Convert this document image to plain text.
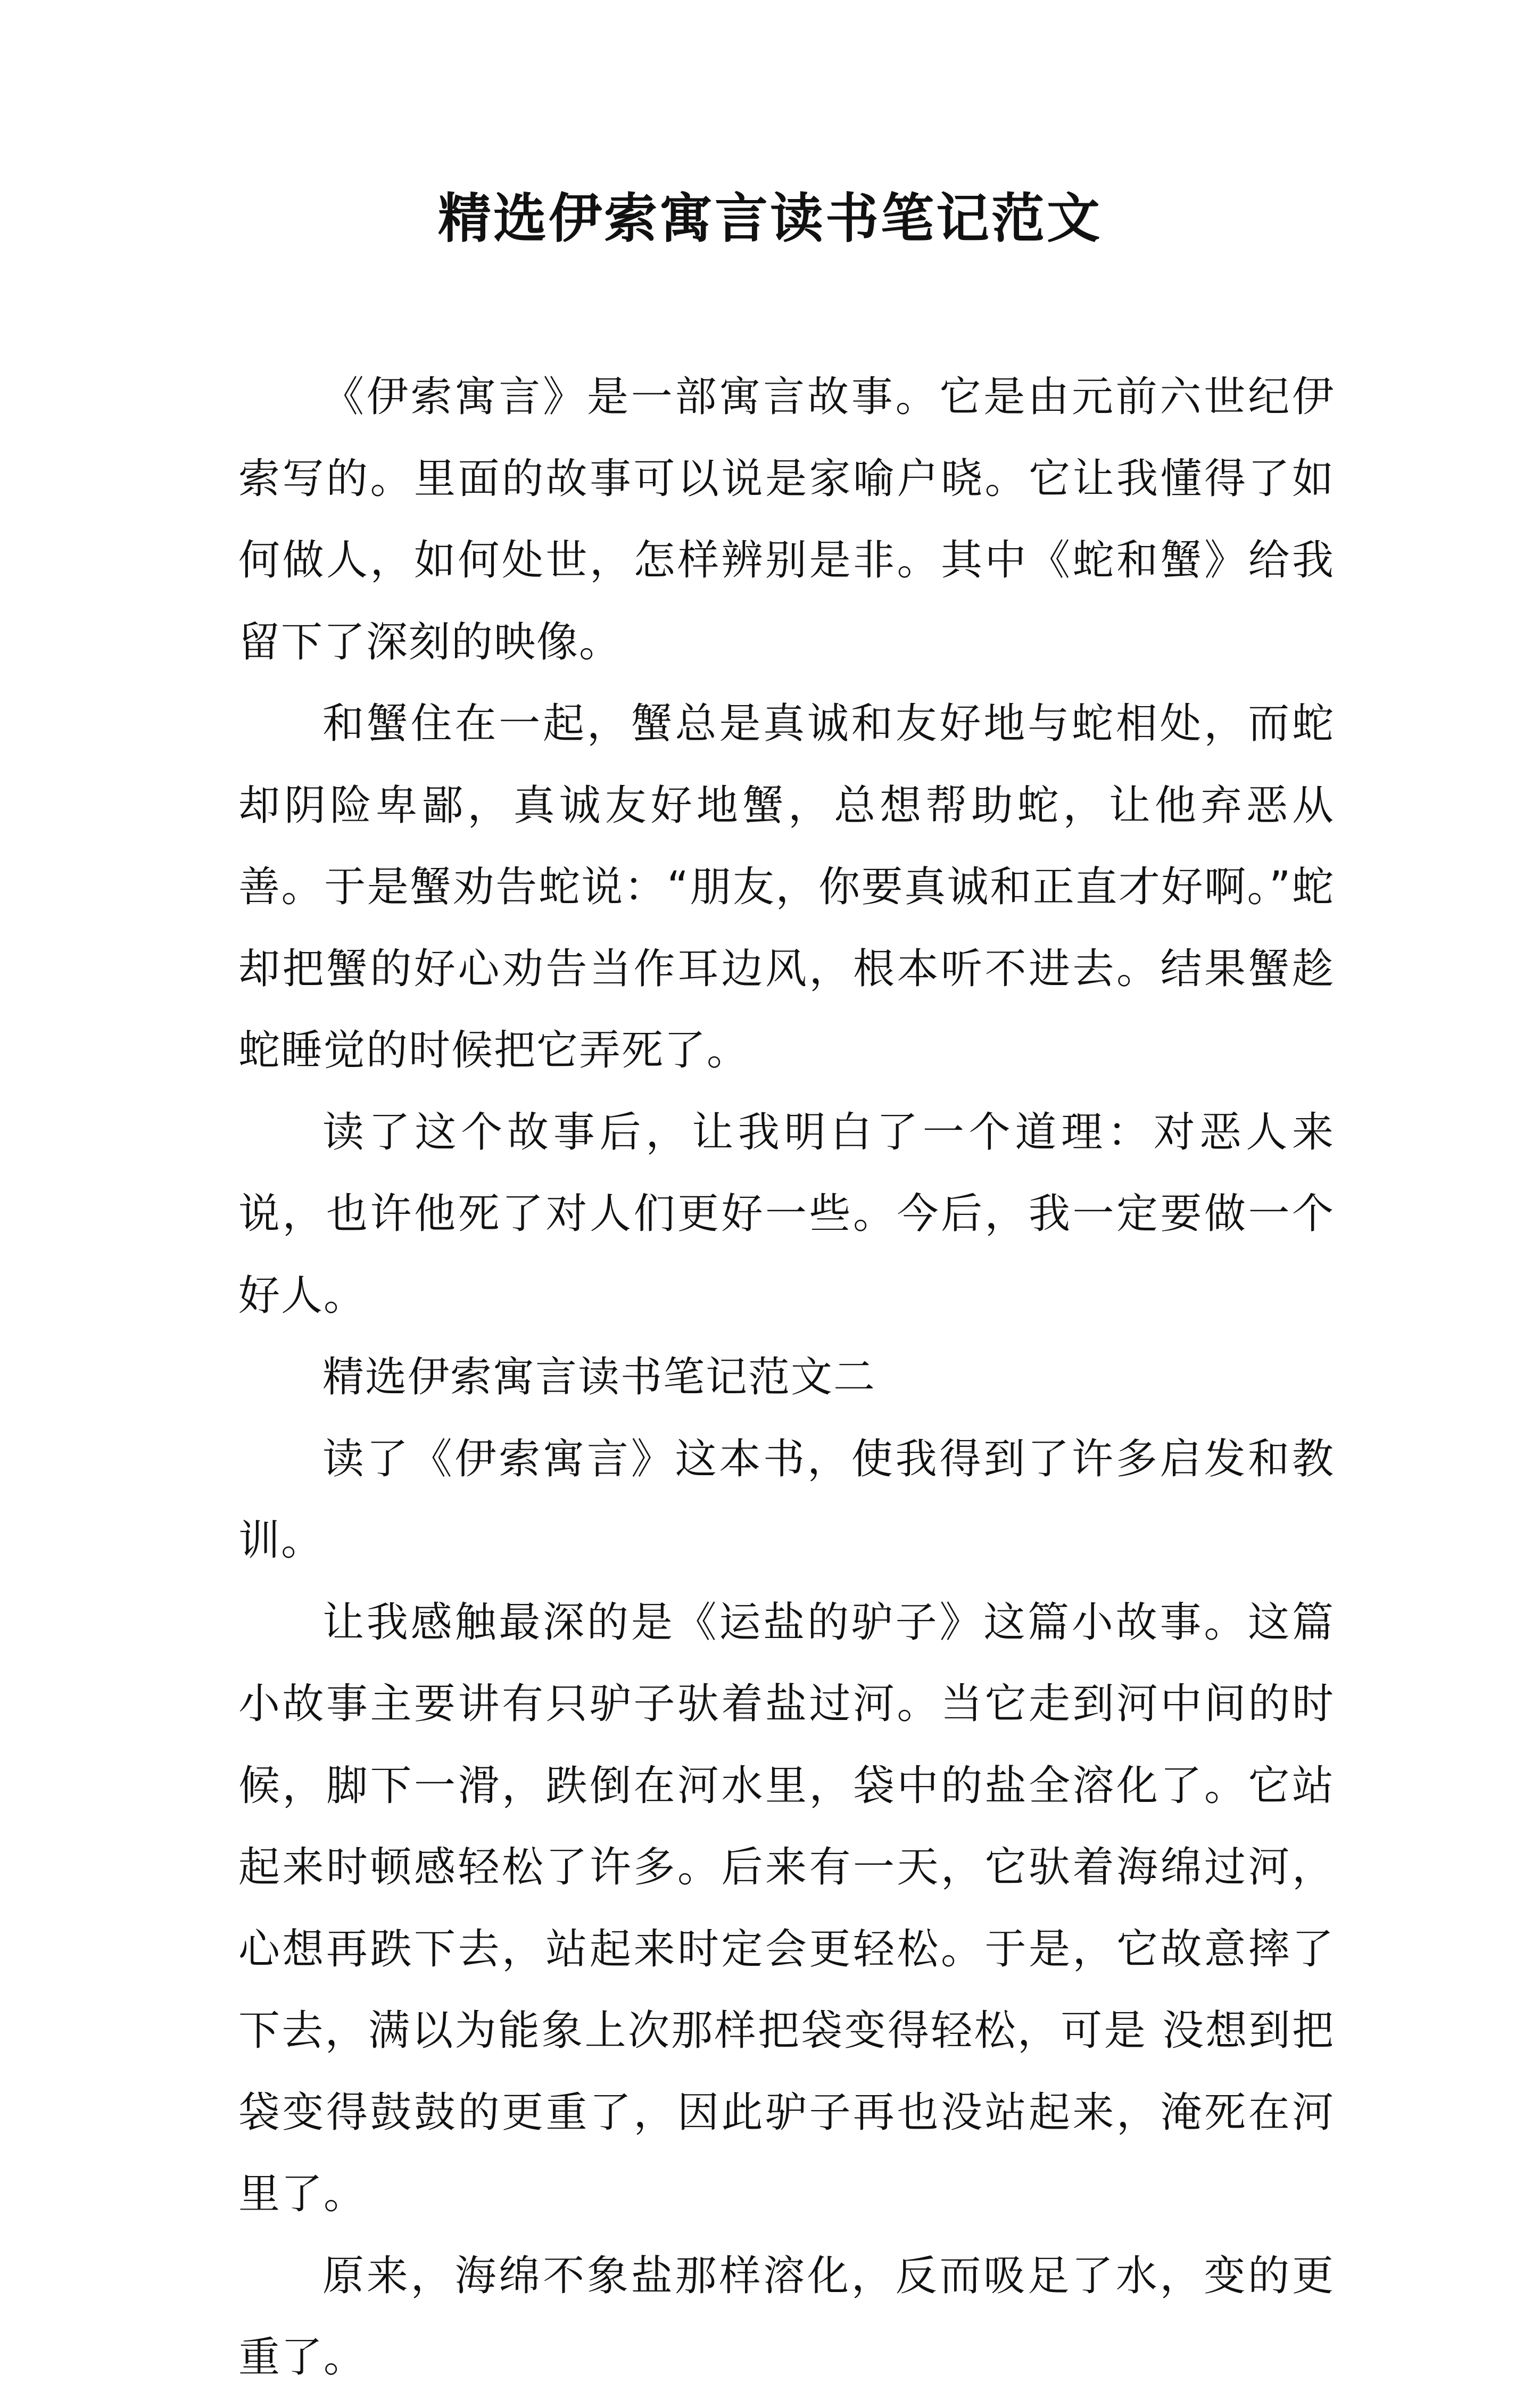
精选伊索寓言读书笔记范文

《伊索寓言》是一部寓言故事。它是由元前六世纪伊索写的。里面的故事可以说是家喻户晓。它让我懂得了如何做人，如何处世，怎样辨别是非。其中《蛇和蟹》给我留下了深刻的映像。

和蟹住在一起，蟹总是真诚和友好地与蛇相处，而蛇却阴险卑鄙，真诚友好地蟹，总想帮助蛇，让他弃恶从善。于是蟹劝告蛇说：“朋友，你要真诚和正直才好啊。”蛇却把蟹的好心劝告当作耳边风，根本听不进去。结果蟹趁蛇睡觉的时候把它弄死了。

读了这个故事后，让我明白了一个道理：对恶人来说，也许他死了对人们更好一些。今后，我一定要做一个好人。

精选伊索寓言读书笔记范文二

读了《伊索寓言》这本书，使我得到了许多启发和教训。

让我感触最深的是《运盐的驴子》这篇小故事。这篇小故事主要讲有只驴子驮着盐过河。当它走到河中间的时候，脚下一滑，跌倒在河水里，袋中的盐全溶化了。它站起来时顿感轻松了许多。后来有一天，它驮着海绵过河，心想再跌下去，站起来时定会更轻松。于是，它故意摔了下去，满以为能象上次那样把袋变得轻松，可是 没想到把袋变得鼓鼓的更重了，因此驴子再也没站起来，淹死在河里了。

原来，海绵不象盐那样溶化，反而吸足了水，变的更重了。
